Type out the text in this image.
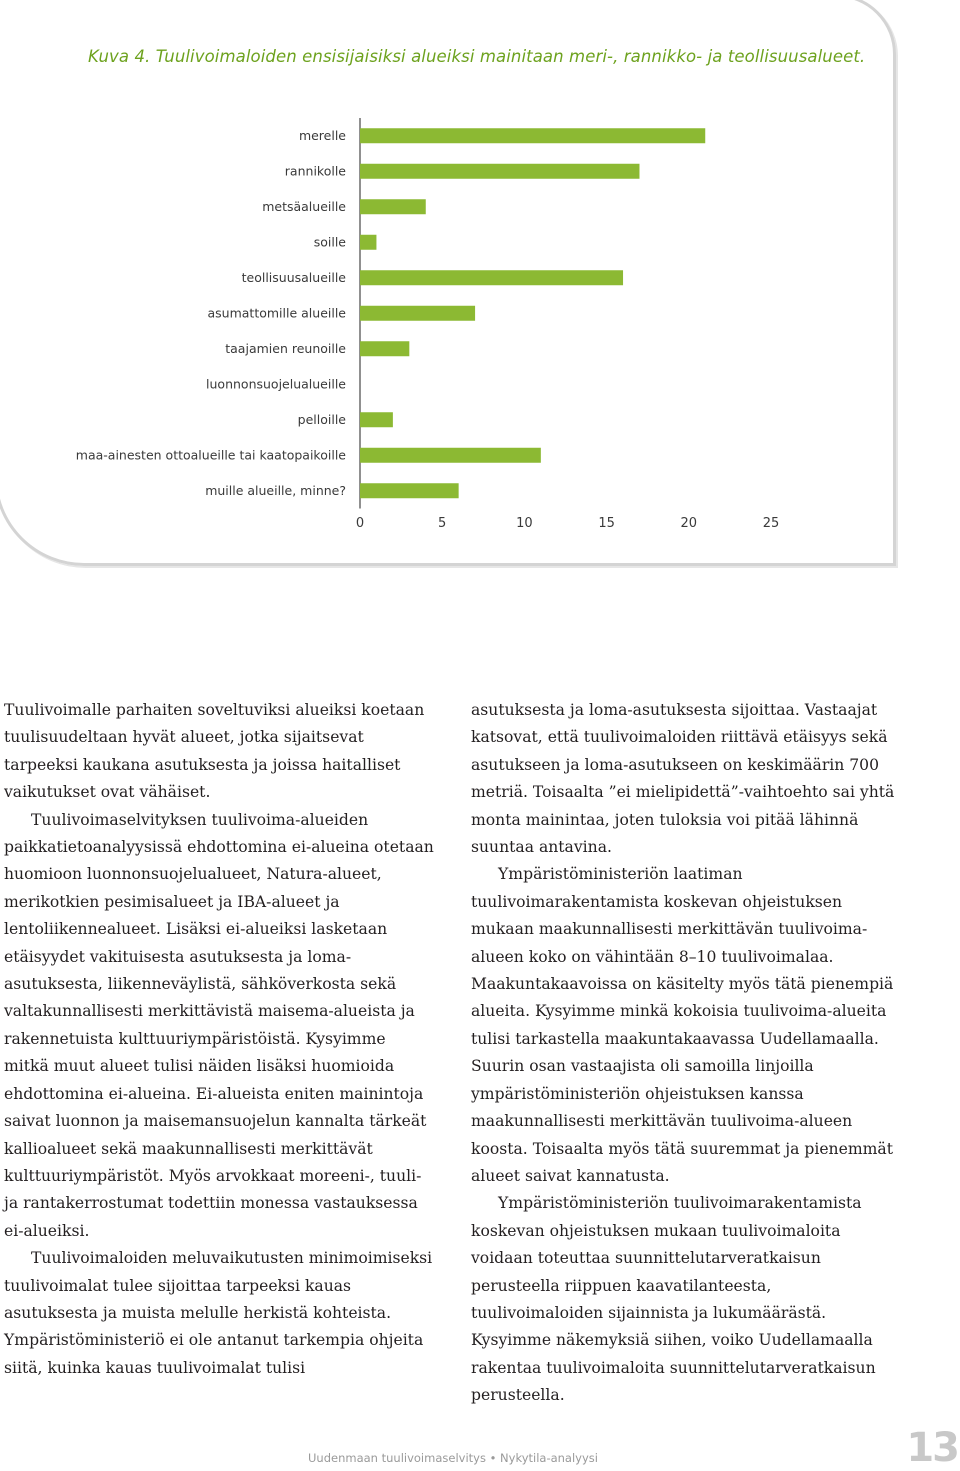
Kuva 4. Tuulivoimaloiden ensisijaisiksi alueiksi mainitaan meri-, rannikko- ja teollisuusalueet.
merelle
rannikolle
metsäalueille
soille
teollisuusalueille
asumattomille alueille
taajamien reunoille
luonnonsuojelualueille
pelloille
maa-ainesten ottoalueille tai kaatopaikoille
muille alueille, minne?
0	5	10	15	20	25

Tuulivoimalle parhaiten soveltuviksi alueiksi koetaan tuulisuudeltaan hyvät alueet, jotka sijaitsevat tarpeeksi kaukana asutuksesta ja joissa haitalliset vaikutukset ovat vähäiset.

Tuulivoimaselvityksen tuulivoima-alueiden paikkatietoanalyysissä ehdottomina ei-alueina otetaan huomioon luonnonsuojelualueet, Natura-alueet, merikotkien pesimisalueet ja IBA-alueet ja lentoliikennealueet. Lisäksi ei-alueiksi lasketaan etäisyydet vakituisesta asutuksesta ja loma-asutuksesta, liikenneväylistä, sähköverkosta sekä valtakunnallisesti merkittävistä maisema-alueista ja rakennetuista kulttuuriympäristöistä. Kysyimme mitkä muut alueet tulisi näiden lisäksi huomioida ehdottomina ei-alueina. Ei-alueista eniten mainintoja saivat luonnon ja maisemansuojelun kannalta tärkeät kallioalueet sekä maakunnallisesti merkittävät kulttuuriympäristöt. Myös arvokkaat moreeni-, tuuli- ja rantakerrostumat todettiin monessa vastauksessa ei-alueiksi.

Tuulivoimaloiden meluvaikutusten minimoimiseksi tuulivoimalat tulee sijoittaa tarpeeksi kauas asutuksesta ja muista melulle herkistä kohteista. Ympäristöministeriö ei ole antanut tarkempia ohjeita siitä, kuinka kauas tuulivoimalat tulisi

asutuksesta ja loma-asutuksesta sijoittaa. Vastaajat katsovat, että tuulivoimaloiden riittävä etäisyys sekä asutukseen ja loma-asutukseen on keskimäärin 700 metriä. Toisaalta ”ei mielipidettä”-vaihtoehto sai yhtä monta mainintaa, joten tuloksia voi pitää lähinnä suuntaa antavina.

Ympäristöministeriön laatiman tuulivoimarakentamista koskevan ohjeistuksen mukaan maakunnallisesti merkittävän tuulivoima-alueen koko on vähintään 8–10 tuulivoimalaa. Maakuntakaavoissa on käsitelty myös tätä pienempiä alueita. Kysyimme minkä kokoisia tuulivoima-alueita tulisi tarkastella maakuntakaavassa Uudellamaalla. Suurin osan vastaajista oli samoilla linjoilla ympäristöministeriön ohjeistuksen kanssa maakunnallisesti merkittävän tuulivoima-alueen koosta. Toisaalta myös tätä suuremmat ja pienemmät alueet saivat kannatusta.

Ympäristöministeriön tuulivoimarakentamista koskevan ohjeistuksen mukaan tuulivoimaloita voidaan toteuttaa suunnittelutarveratkaisun perusteella riippuen kaavatilanteesta, tuulivoimaloiden sijainnista ja lukumäärästä. Kysyimme näkemyksiä siihen, voiko Uudellamaalla rakentaa tuulivoimaloita suunnittelutarveratkaisun perusteella.

Uudenmaan tuulivoimaselvitys • Nykytila-analyysi	13
